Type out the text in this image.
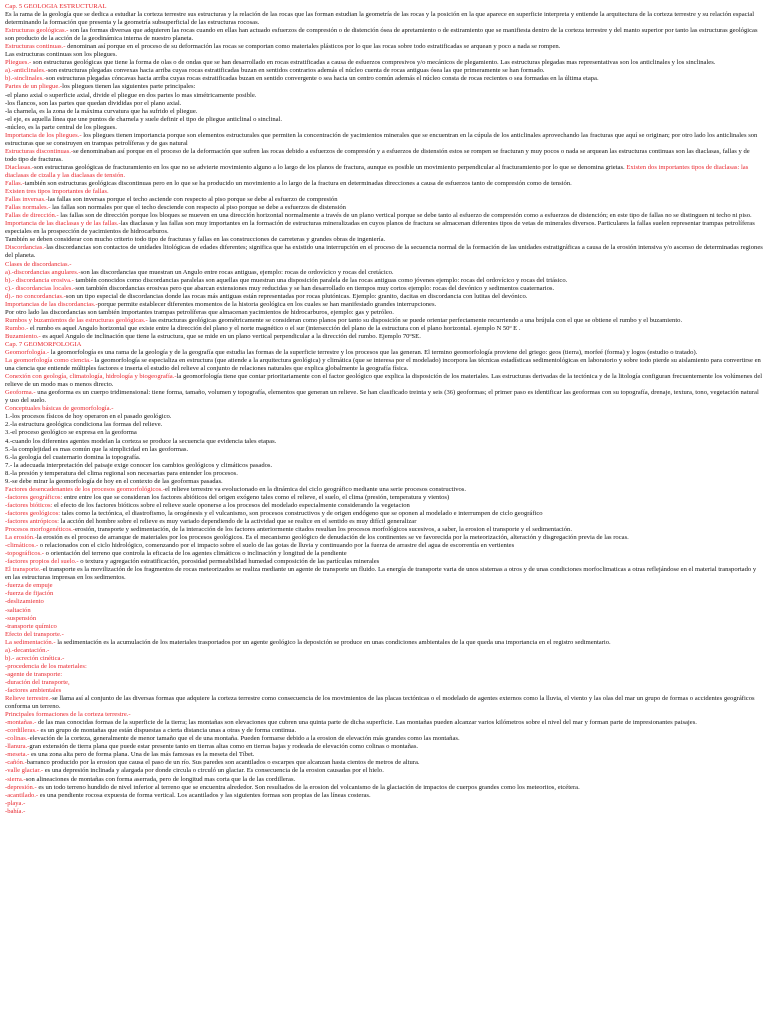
Cap. 5 GEOLOGIA ESTRUCTURAL

Es la rama de la geología que se dedica a estudiar la corteza terrestre sus estructuras y la relación de las rocas que las forman estudian la geometría de las rocas y la posición en la que aparece en superficie interpreta y entiende la arquitectura de la corteza terrestre y su relación espacial determinando la formación que presenta y la geometría subsuperficial de las estructuras rocosas.

Estructuras geológicas.- son las formas diversas que adquieren las rocas cuando en ellas han actuado esfuerzos de compresión o de distención ósea de apretamiento o de estiramiento que se manifiesta dentro de la corteza terrestre y del manto superior por tanto las estructuras geológicas son producto de la acción de la geodinámica interna de nuestro planeta.

Estructuras continuas.- denominan así porque en el proceso de su deformación las rocas se comportan como materiales plásticos por lo que las rocas sobre todo estratificadas se arquean y poco a nada se rompen.

Las estructuras continuas son los pliegues.

Pliegues.- son estructuras geológicas que tiene la forma de olas o de ondas que se han desarrollado en rocas estratificadas a causa de esfuerzos compresivos y/o mecánicos de plegamiento. Las estructuras plegadas mas representativas son los anticlinales y los sinclinales.

a).-anticlinales.-son estructuras plegadas convexas hacia arriba cuyas rocas estratificadas buzan en sentidos contrarios además el núcleo cuenta de rocas antiguas ósea las que primeramente se han formado.

b).-sinclinales.-son estructuras plegadas cóncavas hacia arriba cuyas rocas estratificadas buzan en sentido convergente o sea hacia un centro común además el núcleo consta de rocas recientes o sea formadas en la última etapa.

Partes de un pliegue.-los pliegues tienen las siguientes parte principales:

-el plano axial o superficie axial, divide el pliegue en dos partes lo mas simétricamente posible.

-los flancos, son las partes que quedan divididas por el plano axial.

-la charnela, es la zona de la máxima curvatura que ha sufrido el pliegue.

-el eje, es aquella línea que une puntos de charnela y suele definir el tipo de pliegue anticlinal o sinclinal.

-núcleo, es la parte central de los pliegues.

Importancia de los pliegues.- los pliegues tienen importancia porque son elementos estructurales que permiten la concentración de yacimientos minerales que se encuentran en la cúpula de los anticlinales aprovechando las fracturas que aquí se originan; por otro lado los anticlinales son estructuras que se construyen en trampas petrolíferas y de gas natural

Estructuras discontinuas.-se denominaban así porque en el proceso de la deformación que sufren las rocas debido a esfuerzos de compresión y a esfuerzos de distensión estos se rompen se fracturan y muy pocos o nada se arquean las estructuras continuas son las diaclasas, fallas y de todo tipo de fracturas.

Diaclasas.-son estructuras geológicas de fracturamiento en los que no se advierte movimiento alguno a lo largo de los planos de fractura, aunque es posible un movimiento perpendicular al fracturamiento por lo que se denomina grietas. Existen dos importantes tipos de diaclasas: las diaclasas de cizalla y las diaclasas de tensión.

Fallas.-también son estructuras geológicas discontinuas pero en lo que se ha producido un movimiento a lo largo de la fractura en determinadas direcciones a causa de esfuerzos tanto de compresión como de tensión.

Existen tres tipos importantes de fallas.

Fallas inversas.-las fallas son inversas porque el techo asciende con respecto al piso porque se debe al esfuerzo de compresión

Fallas normales.- las fallas son normales por que el techo desciende con respecto al piso porque se debe a esfuerzos de distensión

Fallas de dirección.- las fallas son de dirección porque los bloques se mueven en una dirección horizontal normalmente a través de un plano vertical porque se debe tanto al esfuerzo de compresión como a esfuerzos de distención; en este tipo de fallas no se distinguen ni techo ni piso.

Importancia de las diaclasas y de las fallas.-las diaclasas y las fallas son muy importantes en la formación de estructuras mineralizadas en cuyos planos de fractura se almacenan diferentes tipos de vetas de minerales diversos. Particulares la fallas suelen representar trampas petrolíferas especiales en la prospección de yacimientos de hidrocarburos.

También se deben considerar con mucho criterio todo tipo de fracturas y fallas en las construcciones de carreteras y grandes obras de ingeniería.

Discordancias.-las discordancias son contactos de unidades litológicas de edades diferentes; significa que ha existido una interrupción en el proceso de la secuencia normal de la formación de las unidades estratigráficas a causa de la erosión intensiva y/o ascenso de determinadas regiones del planeta.

Clases de discordancias.-

a).-discordancias angulares.-son las discordancias que muestran un Angulo entre rocas antiguas, ejemplo: rocas de ordovícico y rocas del cretácico.

b).- discordancia erosiva.- también conocidos como discordancias paralelas son aquellas que muestran una disposición paralela de las rocas antiguas como jóvenes ejemplo: rocas del ordovícico y rocas del triásico.

c).- discordancias locales.-son también discordancias erosivas pero que abarcan extensiones muy reducidas y se han desarrollado en tiempos muy cortos ejemplo: rocas del devónico y sedimentos cuaternarios.

d).- no concordancias.-son un tipo especial de discordancias donde las rocas más antiguas están representadas por rocas plutónicas. Ejemplo: granito, dacitas en discordancia con lutitas del devónico.

Importancias de las discordancias.-porque permite establecer diferentes momentos de la historia geológica en los cuales se han manifestado grandes interrupciones.

Por otro lado las discordancias son también importantes trampas petrolíferas que almacenan yacimientos de hidrocarburos, ejemplo: gas y petróleo.

Rumbos y buzamientos de las estructuras geológicas.- las estructuras geológicas geométricamente se consideran como planos por tanto su disposición se puede orientar perfectamente recurriendo a una brújula con el que se obtiene el rumbo y el buzamiento.

Rumbo.- el rumbo es aquel Angulo horizontal que existe entre la dirección del plano y el norte magnético o el sur (intersección del plano de la estructura con el plano horizontal. ejemplo N 50º E .

Buzamiento.- es aquel Angulo de inclinación que tiene la estructura, que se mide en un plano vertical perpendicular a la dirección del rumbo. Ejemplo 70ºSE.

Cap. 7 GEOMORFOLOGIA

Geomorfología.- la geomorfología es una rama de la geología y de la geografía que estudia las formas de la superficie terrestre y los procesos que las generan. El termino geomorfología proviene del griego: geos (tierra), morfeé (forma) y logos (estudio o tratado).

La geomorfología como ciencia.- la geomorfología se especializa en estructura (que atiende a la arquitectura geológica) y climática (que se interesa por el modelado) incorpora las técnicas estadísticas sedimentológicas en laboratorio y sobre todo pierde su aislamiento para convertirse en una ciencia que entiende múltiples factores e inserta el estudio del relieve al conjunto de relaciones naturales que explica globalmente la geografía física.

Conexión con geología, climatología, hidrología y biogeografía.-la geomorfología tiene que contar prioritariamente con el factor geológico que explica la disposición de los materiales. Las estructuras derivadas de la tectónica y de la litología configuran frecuentemente los volúmenes del relieve de un modo mas o menos directo.

Geoforma.- una geoforma es un cuerpo tridimensional: tiene forma, tamaño, volumen y topografía, elementos que generan un relieve. Se han clasificado treinta y seis (36) geoformas; el primer paso es identificar las geoformas con su topografía, drenaje, textura, tono, vegetación natural y uso del suelo.

Conceptuales básicas de geomorfología.-

1.-los procesos físicos de hoy operaron en el pasado geológico.

2.-la estructura geológica condiciona las formas del relieve.

3.-el proceso geológico se expresa en la geoforma

4.-cuando los diferentes agentes modelan la corteza se produce la secuencia que evidencia tales etapas.

5.-la complejidad es mas común que la simplicidad en las geoformas.

6.-la geología del cuaternario domina la topografía.

7.- la adecuada interpretación del paisaje exige conocer los cambios geológicos y climáticos pasados.

8.-la presión y temperatura del clima regional son necesarias para entender los procesos.

9.-se debe mirar la geomorfología de hoy en el contexto de las geoformas pasadas.

Factores desencadenantes de los procesos geomorfológicos.-el relieve terrestre va evolucionado en la dinámica del ciclo geográfico mediante una serie procesos constructivos.

-factores geográficos: entre entre los que se consideran los factores abióticos del origen exógeno tales como el relieve, el suelo, el clima (presión, temperatura y vientos)

-factores bióticos: el efecto de los factores bióticos sobre el relieve suele oponerse a los procesos del modelado especialmente considerando la vegetacion

-factores geológicos: tales como la tectónica, el diastrofismo, la orogénesis y el vulcanismo, son procesos constructivos y de origen endógeno que se oponen al modelado e interrumpen de ciclo geográfico

-factores antrópicos: la acción del hombre sobre el relieve es muy variado dependiendo de la actividad que se realice en el sentido es muy difícil generalizar

Procesos morfogenéticos.-erosión, transporte y sedimentación, de la interacción de los factores anteriormente citados resultan los procesos morfológicos sucesivos, a saber, la erosion el transporte y el sedimentación.

La erosión.-la erosión es el proceso de arranque de materiales por los procesos geológicos. Es el mecanismo geológico de denudación de los continentes se ve favorecida por la meteorización, alteración y disgregación previa de las rocas.

-climáticos.- o relacionados con el ciclo hidrológico, comenzando por el impacto sobre el suelo de las gotas de lluvia y continuando por la fuerza de arrastre del agua de escorrentía en vertientes

-topográficos.- o orientación del terreno que controla la eficacia de los agentes climáticos o inclinación y longitud de la pendiente

-factores propios del suelo.- o textura y agregación estratificación, porosidad permeabilidad humedad composición de las partículas minerales

El transporte.-el transporte es la movilización de los fragmentos de rocas meteorizados se realiza mediante un agente de transporte un fluido. La energía de transporte varia de unos sistemas a otros y de unas condiciones morfoclimaticas a otras reflejándose en el material transportado y en las estructuras impresas en los sedimentos.

-fuerza de empuje

-fuerza de fijación

-deslizamiento

-saltación

-suspensión

-transporte químico

Efecto del transporte.-

La sedimentación.- la sedimentación es la acumulación de los materiales trasportados por un agente geológico la deposición se produce en unas condiciones ambientales de la que queda una importancia en el registro sedimentario.

a).-decantación.-

b).- acreción cinética.-

-procedencia de los materiales:

-agente de transporte:

-duración del transporte,

-factores ambientales

Relieve terrestre.-se llama así al conjunto de las diversas formas que adquiere la corteza terrestre como consecuencia de los movimientos de las placas tectónicas o el modelado de agentes externos como la lluvia, el viento y las olas del mar un grupo de formas o accidentes geográficos conforma un terreno.

Principales formaciones de la corteza terrestre.-

-montañas.- de las mas conocidas formas de la superficie de la tierra; las montañas son elevaciones que cubren una quinta parte de dicha superficie. Las montañas pueden alcanzar varios kilómetros sobre el nivel del mar y forman parte de impresionantes paisajes.

-cordilleras.- es un grupo de montañas que están dispuestas a cierta distancia unas a otras y de forma continua.

-colinas.-elevación de la corteza, generalmente de menor tamaño que el de una montaña. Pueden formarse debido a la erosion de elevación más grandes como las montañas.

-llanura.-gran extensión de tierra plana que puede estar presente tanto en tierras altas como en tierras bajas y rodeada de elevación como colinas o montañas.

-meseta.- es una zona alta pero de forma plana. Una de las más famosas es la meseta del Tíbet.

-cañón.-barranco producido por la erosion que causa el paso de un río. Sus paredes son acantilados o escarpes que alcanzan hasta cientos de metros de altura.

-valle glaciar.- es una depresión inclinada y alargada por donde circula o circuló un glaciar. Es consecuencia de la erosion causadas por el hielo.

-sierra.-son alineaciones de montañas con forma aserrada, pero de longitud mas corta que la de las cordilleras.

-depresión.- es un todo terreno hundido de nivel inferior al terreno que se encuentra alrededor. Son resultados de la erosion del volcanismo de la glaciación de impactos de cuerpos grandes como los meteoritos, etcétera.

-acantilado.- es una pendiente rocosa expuesta de forma vertical. Los acantilados y las siguientes formas son propias de las líneas costeras.

-playa.-

-bahía.-
